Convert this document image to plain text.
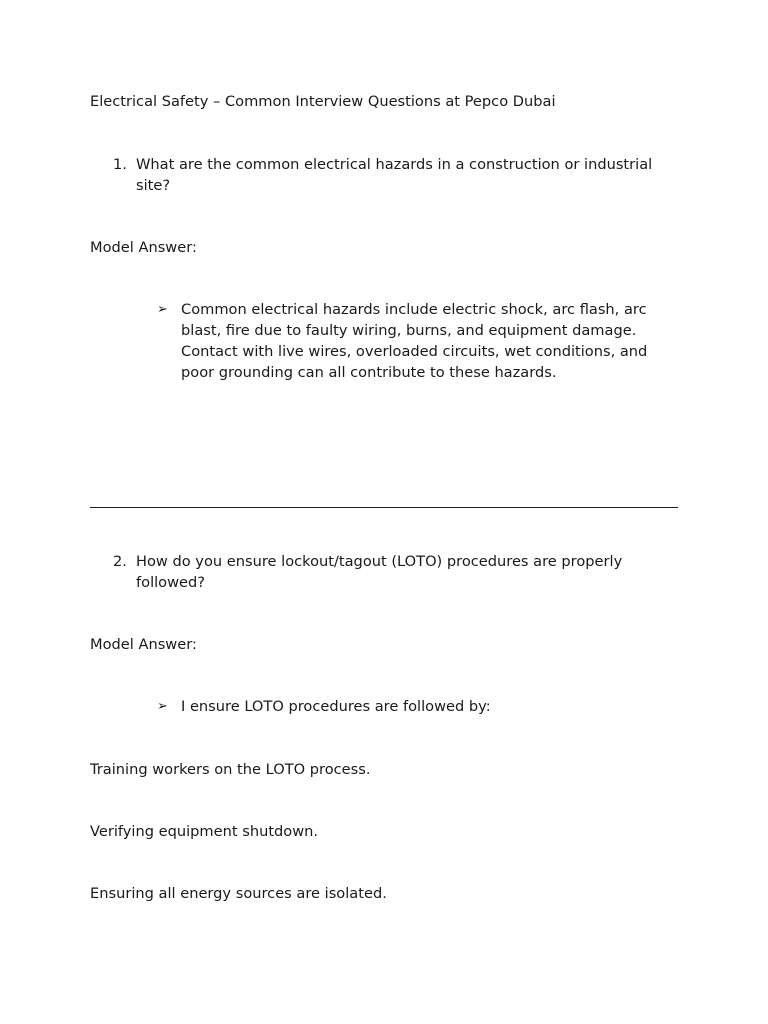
Electrical Safety – Common Interview Questions at Pepco Dubai
1. What are the common electrical hazards in a construction or industrial site?
Model Answer:
➢ Common electrical hazards include electric shock, arc flash, arc blast, fire due to faulty wiring, burns, and equipment damage. Contact with live wires, overloaded circuits, wet conditions, and poor grounding can all contribute to these hazards.
2. How do you ensure lockout/tagout (LOTO) procedures are properly followed?
Model Answer:
➢ I ensure LOTO procedures are followed by:
Training workers on the LOTO process.
Verifying equipment shutdown.
Ensuring all energy sources are isolated.
